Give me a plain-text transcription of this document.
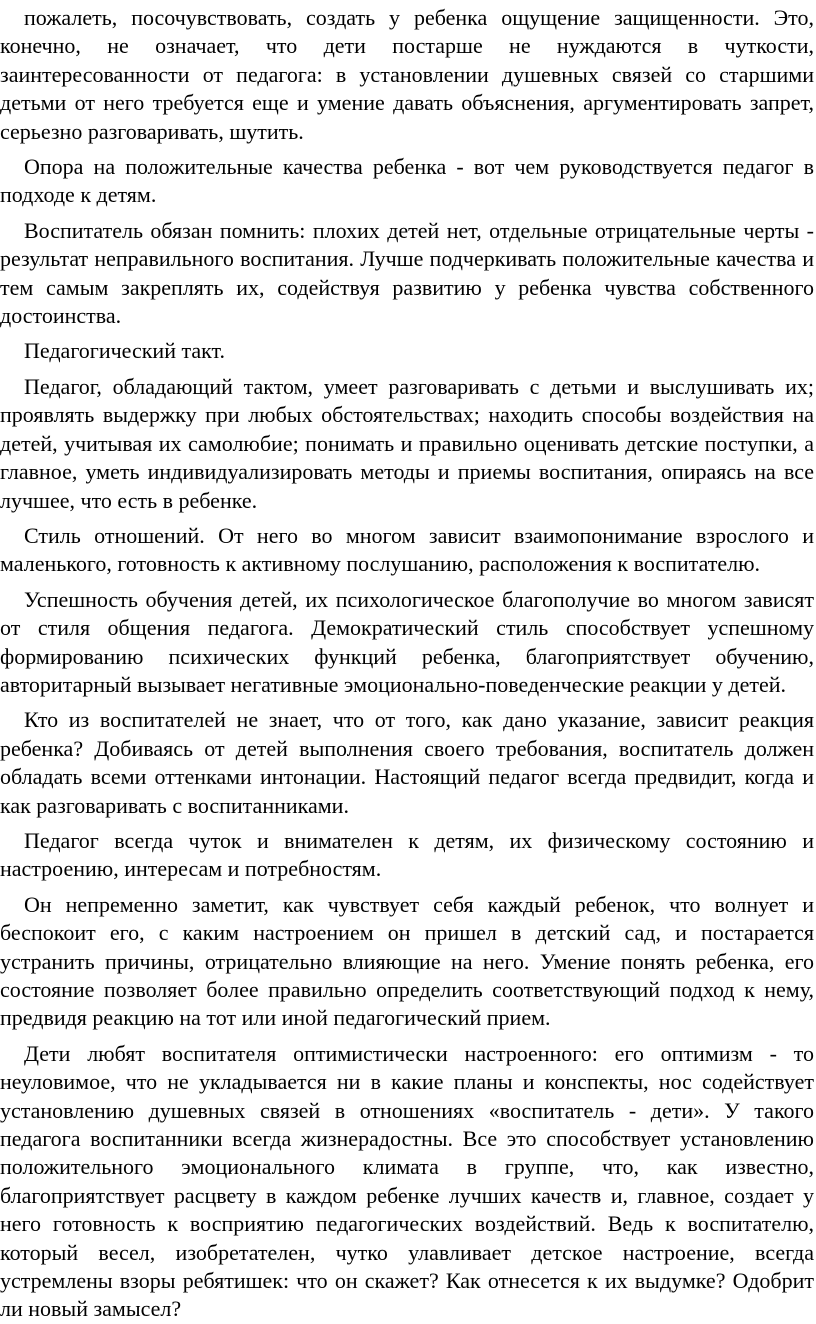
пожалеть, посочувствовать, создать у ребенка ощущение защищенности. Это, конечно, не означает, что дети постарше не нуждаются в чуткости, заинтересованности от педагога: в установлении душевных связей со старшими детьми от него требуется еще и умение давать объяснения, аргументировать запрет, серьезно разговаривать, шутить.

Опора на положительные качества ребенка - вот чем руководствуется педагог в подходе к детям.

Воспитатель обязан помнить: плохих детей нет, отдельные отрицательные черты - результат неправильного воспитания. Лучше подчеркивать положительные качества и тем самым закреплять их, содействуя развитию у ребенка чувства собственного достоинства.

Педагогический такт.

Педагог, обладающий тактом, умеет разговаривать с детьми и выслушивать их; проявлять выдержку при любых обстоятельствах; находить способы воздействия на детей, учитывая их самолюбие; понимать и правильно оценивать детские поступки, а главное, уметь индивидуализировать методы и приемы воспитания, опираясь на все лучшее, что есть в ребенке.

Стиль отношений. От него во многом зависит взаимопонимание взрослого и маленького, готовность к активному послушанию, расположения к воспитателю.

Успешность обучения детей, их психологическое благополучие во многом зависят от стиля общения педагога. Демократический стиль способствует успешному формированию психических функций ребенка, благоприятствует обучению, авторитарный вызывает негативные эмоционально-поведенческие реакции у детей.

Кто из воспитателей не знает, что от того, как дано указание, зависит реакция ребенка? Добиваясь от детей выполнения своего требования, воспитатель должен обладать всеми оттенками интонации. Настоящий педагог всегда предвидит, когда и как разговаривать с воспитанниками.

Педагог всегда чуток и внимателен к детям, их физическому состоянию и настроению, интересам и потребностям.

Он непременно заметит, как чувствует себя каждый ребенок, что волнует и беспокоит его, с каким настроением он пришел в детский сад, и постарается устранить причины, отрицательно влияющие на него. Умение понять ребенка, его состояние позволяет более правильно определить соответствующий подход к нему, предвидя реакцию на тот или иной педагогический прием.

Дети любят воспитателя оптимистически настроенного: его оптимизм - то неуловимое, что не укладывается ни в какие планы и конспекты, нос содействует установлению душевных связей в отношениях «воспитатель - дети». У такого педагога воспитанники всегда жизнерадостны. Все это способствует установлению положительного эмоционального климата в группе, что, как известно, благоприятствует расцвету в каждом ребенке лучших качеств и, главное, создает у него готовность к восприятию педагогических воздействий. Ведь к воспитателю, который весел, изобретателен, чутко улавливает детское настроение, всегда устремлены взоры ребятишек: что он скажет? Как отнесется к их выдумке? Одобрит ли новый замысел?
